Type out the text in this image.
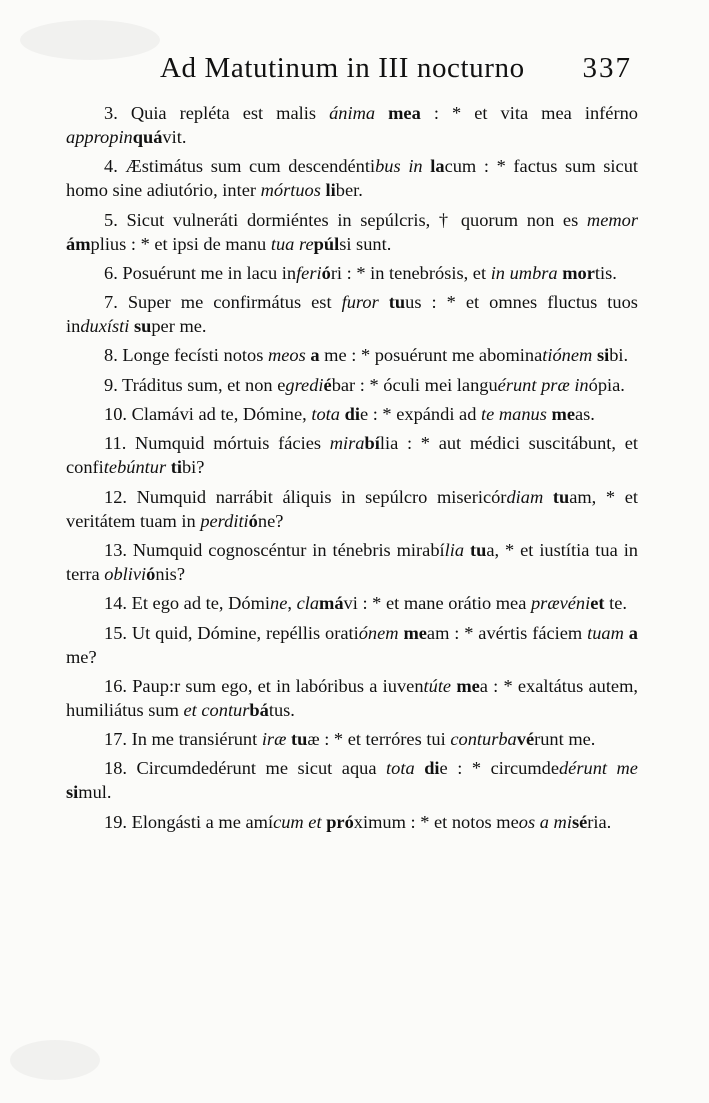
Ad Matutinum in III nocturno 337

3. Quia repléta est malis ánima mea : * et vita mea inférno appropinquávit.

4. Æstimátus sum cum descendéntibus in lacum : * factus sum sicut homo sine adiutório, inter mórtuos liber.

5. Sicut vulneráti dormiéntes in sepúlcris, † quorum non es memor ámplius : * et ipsi de manu tua repúlsi sunt.

6. Posuérunt me in lacu inferióri : * in tenebrósis, et in umbra mortis.

7. Super me confirmátus est furor tuus : * et omnes fluctus tuos induxísti super me.

8. Longe fecísti notos meos a me : * posuérunt me abominatiónem sibi.

9. Tráditus sum, et non egrediébar : * óculi mei languérunt præ inópia.

10. Clamávi ad te, Dómine, tota die : * expándi ad te manus meas.

11. Numquid mórtuis fácies mirabília : * aut médici suscitábunt, et confitebúntur tibi?

12. Numquid narrábit áliquis in sepúlcro misericórdiam tuam, * et veritátem tuam in perditióne?

13. Numquid cognoscéntur in ténebris mirabília tua, * et iustítia tua in terra obliviónis?

14. Et ego ad te, Dómine, clamávi : * et mane orátio mea prævéniet te.

15. Ut quid, Dómine, repéllis oratiónem meam : * avértis fáciem tuam a me?

16. Paup:r sum ego, et in labóribus a iuventúte mea : * exaltátus autem, humiliátus sum et conturbátus.

17. In me transiérunt iræ tuæ : * et terróres tui conturbavérunt me.

18. Circumdedérunt me sicut aqua tota die : * circumdedérunt me simul.

19. Elongásti a me amícum et próximum : * et notos meos a miséria.
